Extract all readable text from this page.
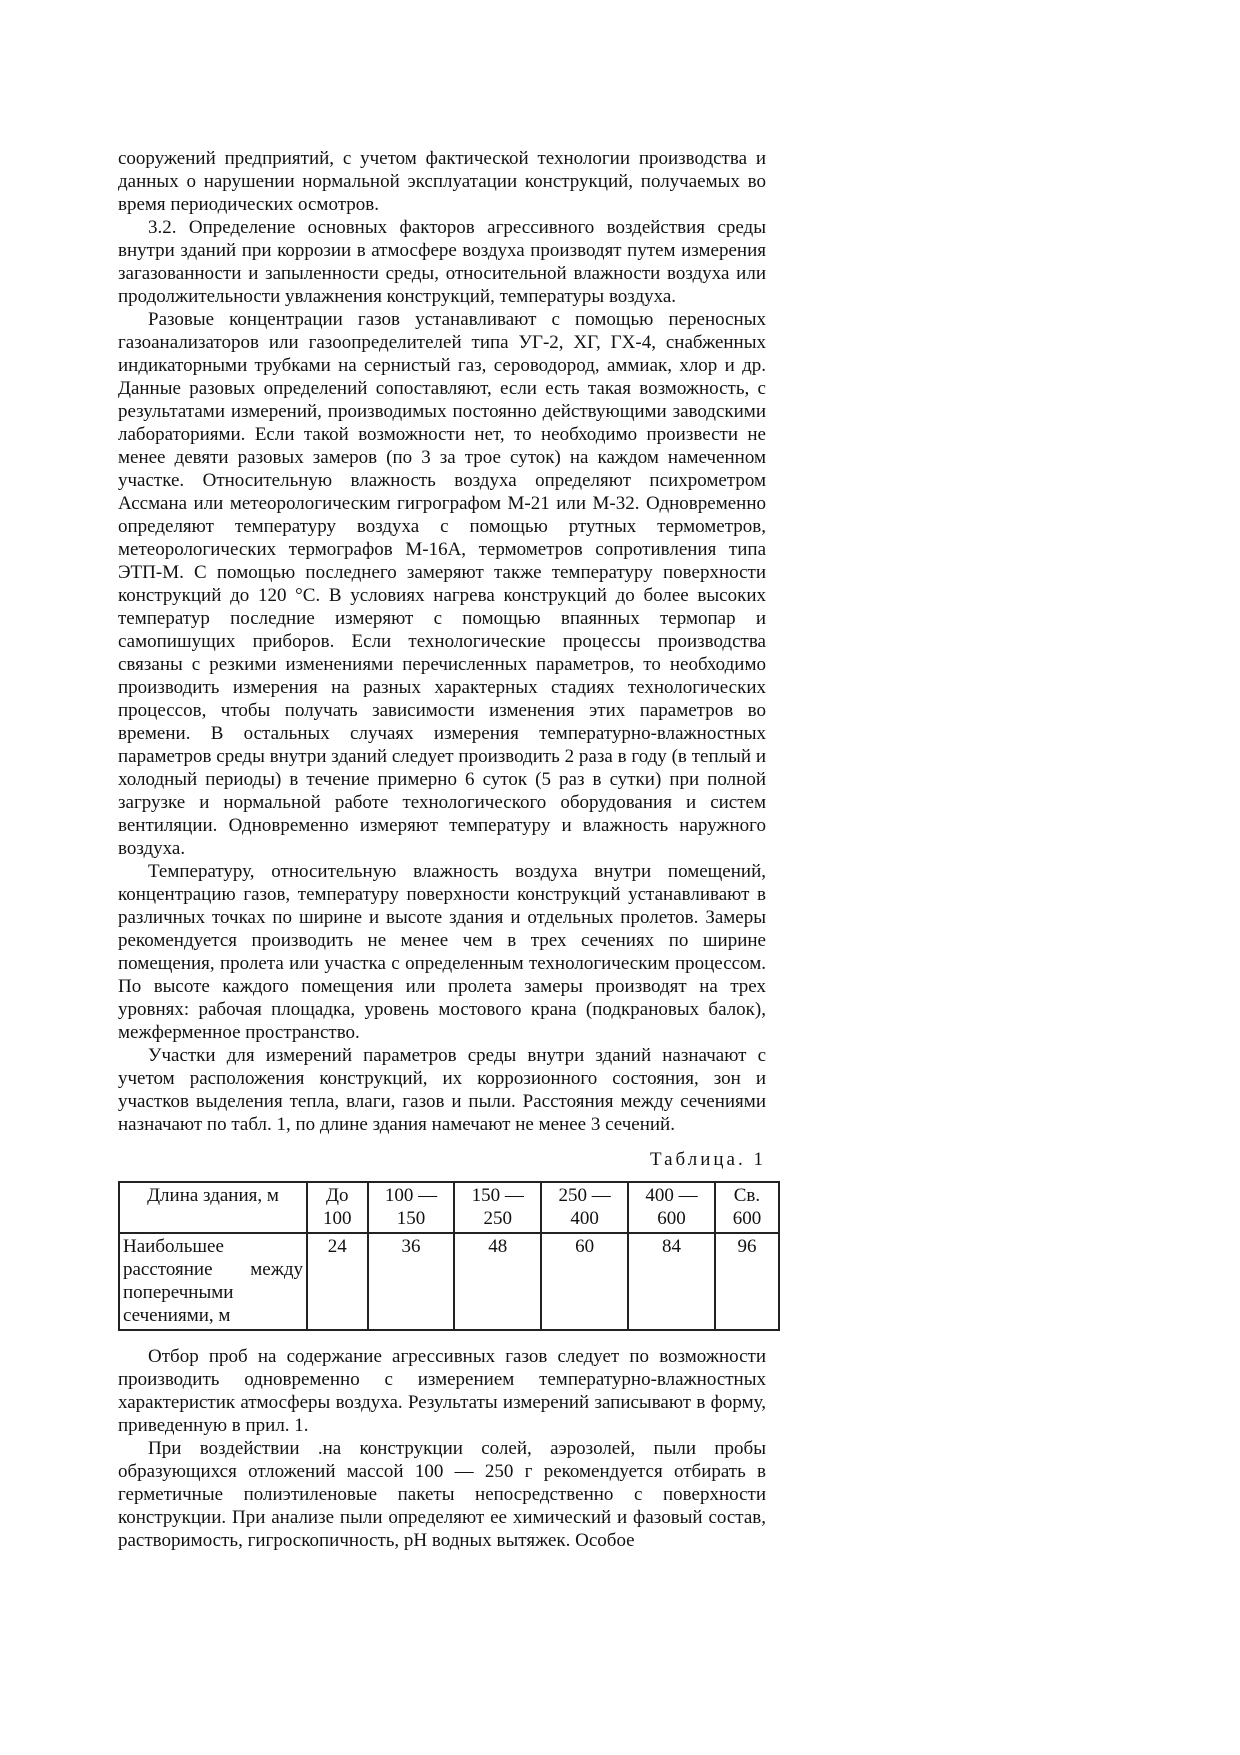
сооружений предприятий, с учетом фактической технологии производства и данных о нарушении нормальной эксплуатации конструкций, получаемых во время периодических осмотров.

3.2. Определение основных факторов агрессивного воздействия среды внутри зданий при коррозии в атмосфере воздуха производят путем измерения загазованности и запыленности среды, относительной влажности воздуха или продолжительности увлажнения конструкций, температуры воздуха.

Разовые концентрации газов устанавливают с помощью переносных газоанализаторов или газоопределителей типа УГ-2, ХГ, ГХ-4, снабженных индикаторными трубками на сернистый газ, сероводород, аммиак, хлор и др. Данные разовых определений сопоставляют, если есть такая возможность, с результатами измерений, производимых постоянно действующими заводскими лабораториями. Если такой возможности нет, то необходимо произвести не менее девяти разовых замеров (по 3 за трое суток) на каждом намеченном участке. Относительную влажность воздуха определяют психрометром Ассмана или метеорологическим гигрографом М-21 или М-32. Одновременно определяют температуру воздуха с помощью ртутных термометров, метеорологических термографов М-16А, термометров сопротивления типа ЭТП-М. С помощью последнего замеряют также температуру поверхности конструкций до 120 °С. В условиях нагрева конструкций до более высоких температур последние измеряют с помощью впаянных термопар и самопишущих приборов. Если технологические процессы производства связаны с резкими изменениями перечисленных параметров, то необходимо производить измерения на разных характерных стадиях технологических процессов, чтобы получать зависимости изменения этих параметров во времени. В остальных случаях измерения температурно-влажностных параметров среды внутри зданий следует производить 2 раза в году (в теплый и холодный периоды) в течение примерно 6 суток (5 раз в сутки) при полной загрузке и нормальной работе технологического оборудования и систем вентиляции. Одновременно измеряют температуру и влажность наружного воздуха.

Температуру, относительную влажность воздуха внутри помещений, концентрацию газов, температуру поверхности конструкций устанавливают в различных точках по ширине и высоте здания и отдельных пролетов. Замеры рекомендуется производить не менее чем в трех сечениях по ширине помещения, пролета или участка с определенным технологическим процессом. По высоте каждого помещения или пролета замеры производят на трех уровнях: рабочая площадка, уровень мостового крана (подкрановых балок), межферменное пространство.

Участки для измерений параметров среды внутри зданий назначают с учетом расположения конструкций, их коррозионного состояния, зон и участков выделения тепла, влаги, газов и пыли. Расстояния между сечениями назначают по табл. 1, по длине здания намечают не менее 3 сечений.

Таблица. 1

Длина здания, м	До 100	100 — 150	150 — 250	250 — 400	400 — 600	Св. 600
Наибольшее расстояние между поперечными сечениями, м	24	36	48	60	84	96

Отбор проб на содержание агрессивных газов следует по возможности производить одновременно с измерением температурно-влажностных характеристик атмосферы воздуха. Результаты измерений записывают в форму, приведенную в прил. 1.

При воздействии .на конструкции солей, аэрозолей, пыли пробы образующихся отложений массой 100 — 250 г рекомендуется отбирать в герметичные полиэтиленовые пакеты непосредственно с поверхности конструкции. При анализе пыли определяют ее химический и фазовый состав, растворимость, гигроскопичность, рН водных вытяжек. Особое
